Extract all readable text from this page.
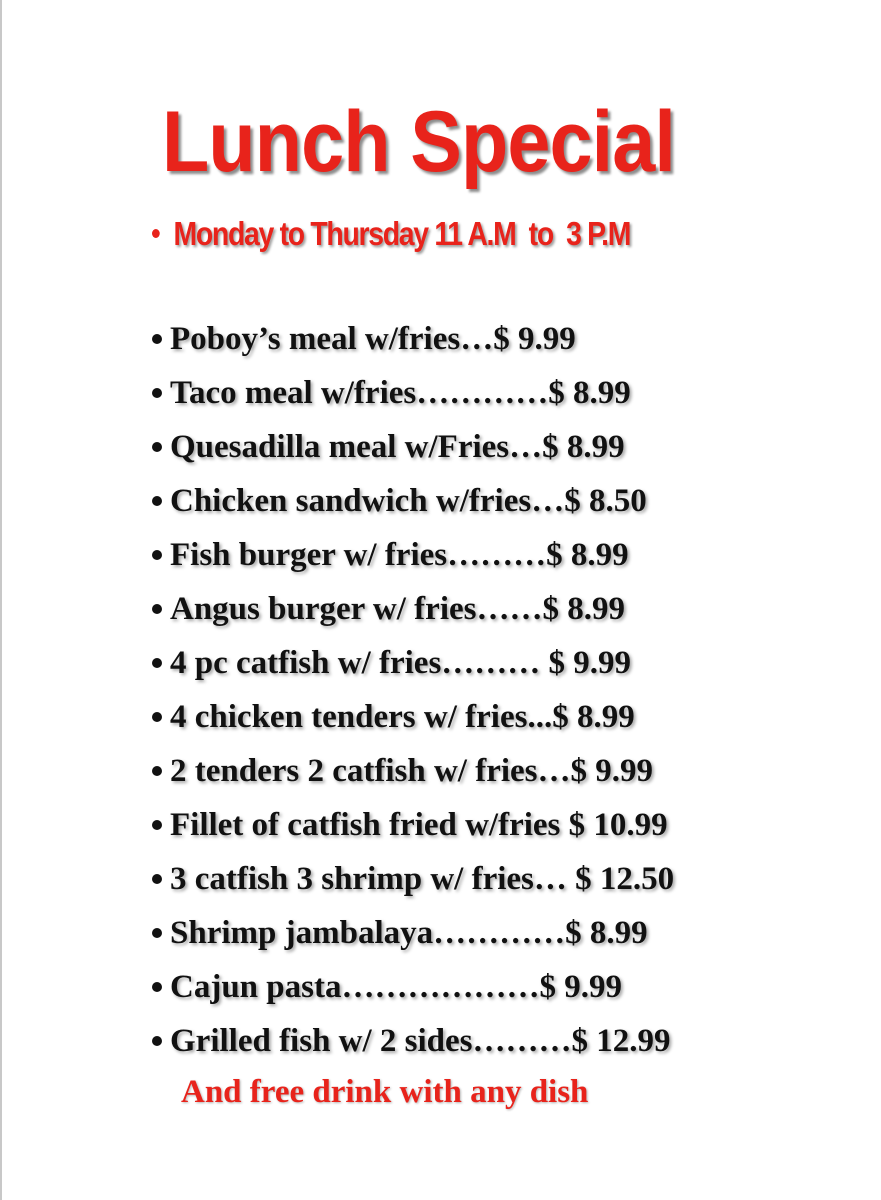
Lunch Special
Monday to Thursday 11 A.M  to  3 P.M
Poboy’s meal w/fries…$ 9.99
Taco meal w/fries…………$ 8.99
Quesadilla meal w/Fries…$ 8.99
Chicken sandwich w/fries…$ 8.50
Fish burger w/ fries………$ 8.99
Angus burger w/ fries……$ 8.99
4 pc catfish w/ fries……… $ 9.99
4 chicken tenders w/ fries...$ 8.99
2 tenders 2 catfish w/ fries…$ 9.99
Fillet of catfish fried w/fries $ 10.99
3 catfish 3 shrimp w/ fries… $ 12.50
Shrimp jambalaya…………$ 8.99
Cajun pasta………………$ 9.99
Grilled fish w/ 2 sides………$ 12.99
And free drink with any dish
